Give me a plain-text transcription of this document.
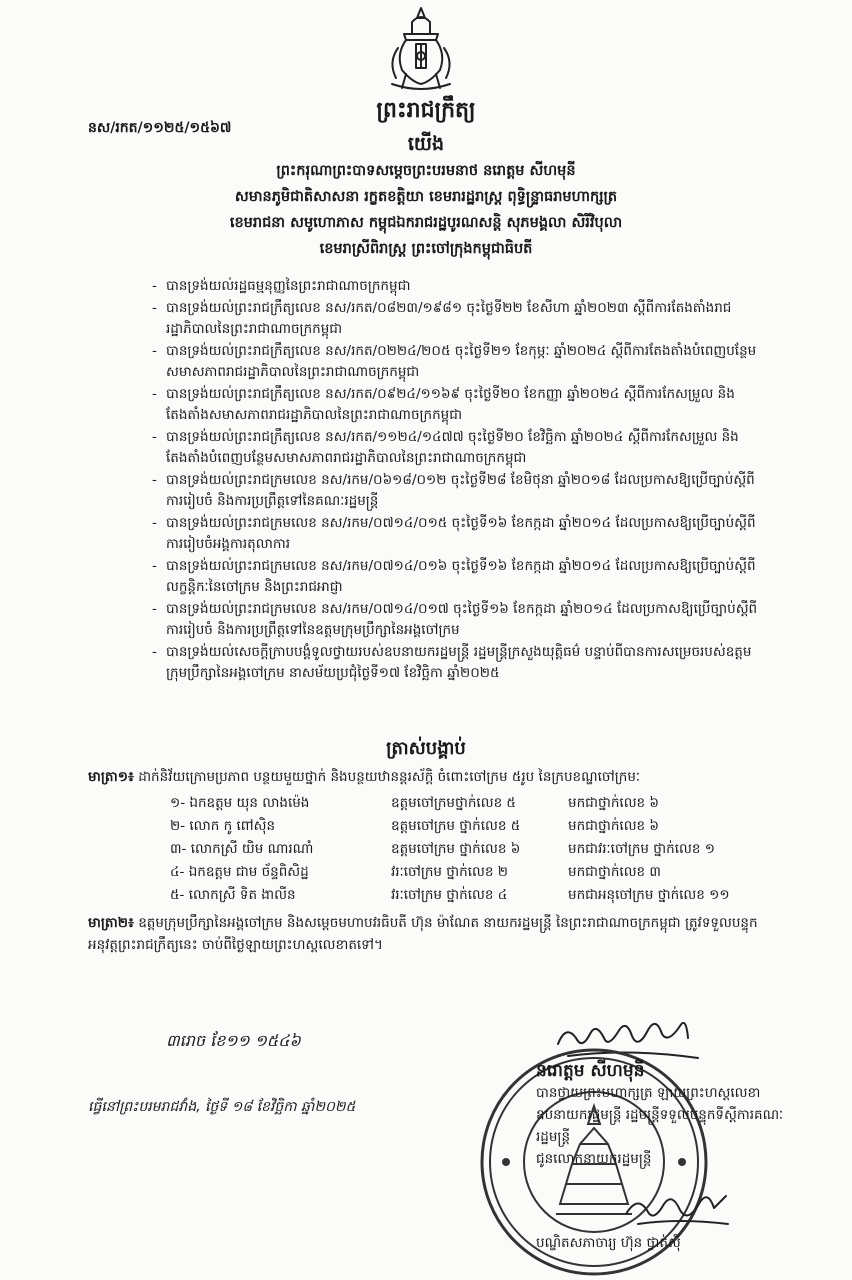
ព្រះរាជក្រឹត្យ
នស/រកត/១១២៥/១៥៦៧
យើង
ព្រះករុណាព្រះបាទសម្តេចព្រះបរមនាថ នរោត្តម សីហមុនី
សមានភូមិជាតិសាសនា រក្ខតខត្តិយា ខេមរារដ្ឋរាស្ត្រ ពុទ្ធិន្ទ្រាធរាមហាក្សត្រ
ខេមរាជនា សមូហោភាស កម្ពុជឯករាជរដ្ឋបូរណសន្តិ សុភមង្គលា សិរីវិបុលា
ខេមរាស្រីពិរាស្ត្រ ព្រះចៅក្រុងកម្ពុជាធិបតី
- បានទ្រង់យល់រដ្ឋធម្មនុញ្ញនៃព្រះរាជាណាចក្រកម្ពុជា
- បានទ្រង់យល់ព្រះរាជក្រឹត្យលេខ នស/រកត/០៨២៣/១៩៨១ ចុះថ្ងៃទី២២ ខែសីហា ឆ្នាំ២០២៣ ស្តីពីការតែងតាំងរាជរដ្ឋាភិបាលនៃព្រះរាជាណាចក្រកម្ពុជា
- បានទ្រង់យល់ព្រះរាជក្រឹត្យលេខ នស/រកត/០២២៤/២០៥ ចុះថ្ងៃទី២១ ខែកុម្ភៈ ឆ្នាំ២០២៤ ស្តីពីការតែងតាំងបំពេញបន្ថែមសមាសភាពរាជរដ្ឋាភិបាលនៃព្រះរាជាណាចក្រកម្ពុជា
- បានទ្រង់យល់ព្រះរាជក្រឹត្យលេខ នស/រកត/០៩២៤/១១៦៩ ចុះថ្ងៃទី២០ ខែកញ្ញា ឆ្នាំ២០២៤ ស្តីពីការកែសម្រួល និងតែងតាំងសមាសភាពរាជរដ្ឋាភិបាលនៃព្រះរាជាណាចក្រកម្ពុជា
- បានទ្រង់យល់ព្រះរាជក្រឹត្យលេខ នស/រកត/១១២៤/១៤៧៧ ចុះថ្ងៃទី២០ ខែវិច្ឆិកា ឆ្នាំ២០២៤ ស្តីពីការកែសម្រួល និងតែងតាំងបំពេញបន្ថែមសមាសភាពរាជរដ្ឋាភិបាលនៃព្រះរាជាណាចក្រកម្ពុជា
- បានទ្រង់យល់ព្រះរាជក្រមលេខ នស/រកម/០៦១៨/០១២ ចុះថ្ងៃទី២៨ ខែមិថុនា ឆ្នាំ២០១៨ ដែលប្រកាសឱ្យប្រើច្បាប់ស្តីពីការរៀបចំ និងការប្រព្រឹត្តទៅនៃគណៈរដ្ឋមន្ត្រី
- បានទ្រង់យល់ព្រះរាជក្រមលេខ នស/រកម/០៧១៤/០១៥ ចុះថ្ងៃទី១៦ ខែកក្កដា ឆ្នាំ២០១៤ ដែលប្រកាសឱ្យប្រើច្បាប់ស្តីពីការរៀបចំអង្គការតុលាការ
- បានទ្រង់យល់ព្រះរាជក្រមលេខ នស/រកម/០៧១៤/០១៦ ចុះថ្ងៃទី១៦ ខែកក្កដា ឆ្នាំ២០១៤ ដែលប្រកាសឱ្យប្រើច្បាប់ស្តីពីលក្ខន្តិកៈនៃចៅក្រម និងព្រះរាជអាជ្ញា
- បានទ្រង់យល់ព្រះរាជក្រមលេខ នស/រកម/០៧១៤/០១៧ ចុះថ្ងៃទី១៦ ខែកក្កដា ឆ្នាំ២០១៤ ដែលប្រកាសឱ្យប្រើច្បាប់ស្តីពីការរៀបចំ និងការប្រព្រឹត្តទៅនៃឧត្តមក្រុមប្រឹក្សានៃអង្គចៅក្រម
- បានទ្រង់យល់សេចក្តីក្រាបបង្គំទូលថ្វាយរបស់ឧបនាយករដ្ឋមន្ត្រី រដ្ឋមន្ត្រីក្រសួងយុត្តិធម៌ បន្ទាប់ពីបានការសម្រេចរបស់ឧត្តមក្រុមប្រឹក្សានៃអង្គចៅក្រម នាសម័យប្រជុំថ្ងៃទី១៧ ខែវិច្ឆិកា ឆ្នាំ២០២៥
ត្រាស់បង្គាប់
មាត្រា១៖ ដាក់និវ័យក្រោមប្រភាព បន្ថយមួយថ្នាក់ និងបន្ថយឋានន្តរស័ក្តិ ចំពោះចៅក្រម ៥រូប នៃក្របខណ្ឌចៅក្រមៈ
១- ឯកឧត្តម យុន លាងម៉េង	ឧត្តមចៅក្រមថ្នាក់លេខ ៥	មកជាថ្នាក់លេខ ៦
២- លោក កូ ពៅស៊ិន	ឧត្តមចៅក្រម ថ្នាក់លេខ ៥	មកជាថ្នាក់លេខ ៦
៣- លោកស្រី យិម ណារណាំ	ឧត្តមចៅក្រម ថ្នាក់លេខ ៦	មកជាវរៈចៅក្រម ថ្នាក់លេខ ១
៤- ឯកឧត្តម ជាម ច័ន្ទពិសិដ្ឋ	វរៈចៅក្រម ថ្នាក់លេខ ២	មកជាថ្នាក់លេខ ៣
៥- លោកស្រី ទិត ងាលីន	វរៈចៅក្រម ថ្នាក់លេខ ៤	មកជាអនុចៅក្រម ថ្នាក់លេខ ១១
មាត្រា២៖ ឧត្តមក្រុមប្រឹក្សានៃអង្គចៅក្រម និងសម្តេចមហាបវរធិបតី ហ៊ុន ម៉ាណែត នាយករដ្ឋមន្ត្រី នៃព្រះរាជាណាចក្រកម្ពុជា ត្រូវទទួលបន្ទុកអនុវត្តព្រះរាជក្រឹត្យនេះ ចាប់ពីថ្ងៃឡាយព្រះហស្តលេខាតទៅ។
៣រោច ខែ១១ ១៥៤៦
ធ្វើនៅព្រះបរមរាជវាំង, ថ្ងៃទី ១៨ ខែវិច្ឆិកា ឆ្នាំ២០២៥
នរោត្តម សីហមុនី
បានថ្វាយព្រះមហាក្សត្រ ឡាយព្រះហស្តលេខា
ឧបនាយករដ្ឋមន្ត្រី រដ្ឋមន្ត្រីទទួលបន្ទុកទីស្តីការគណៈរដ្ឋមន្ត្រី
ជូនលោកនាយករដ្ឋមន្ត្រី
បណ្ឌិតសភាចារ្យ ហ៊ុន ថ្វាត់ស៊ី
